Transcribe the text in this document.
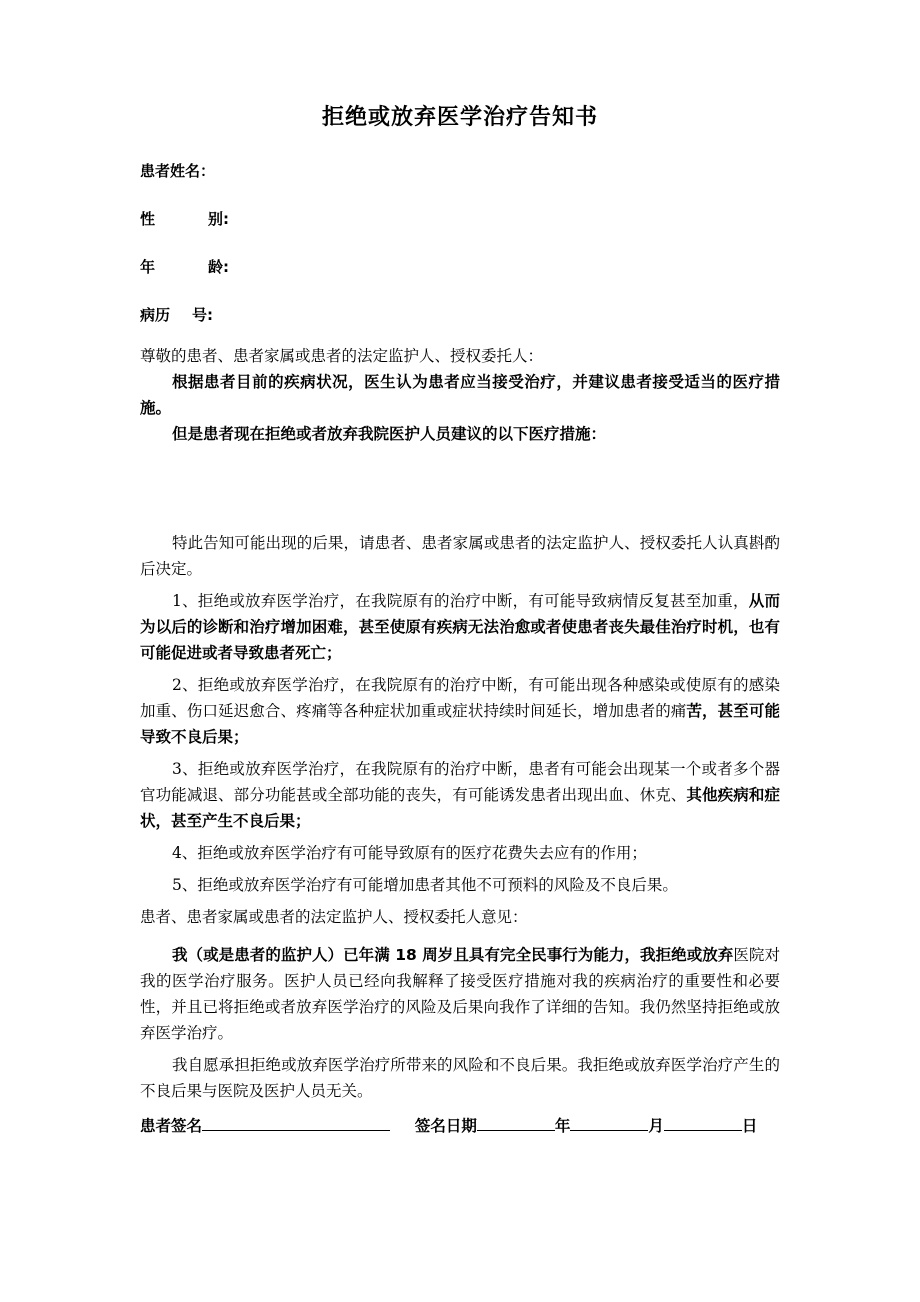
拒绝或放弃医学治疗告知书
患者姓名：
性	别:
年	龄:
病历 号:

尊敬的患者、患者家属或患者的法定监护人、授权委托人：

根据患者目前的疾病状况，医生认为患者应当接受治疗，并建议患者接受适当的医疗措施。

但是患者现在拒绝或者放弃我院医护人员建议的以下医疗措施：

特此告知可能出现的后果，请患者、患者家属或患者的法定监护人、授权委托人认真斟酌后决定。

1、拒绝或放弃医学治疗，在我院原有的治疗中断，有可能导致病情反复甚至加重，从而为以后的诊断和治疗增加困难，甚至使原有疾病无法治愈或者使患者丧失最佳治疗时机，也有可能促进或者导致患者死亡；

2、拒绝或放弃医学治疗，在我院原有的治疗中断，有可能出现各种感染或使原有的感染加重、伤口延迟愈合、疼痛等各种症状加重或症状持续时间延长，增加患者的痛苦，甚至可能导致不良后果；

3、拒绝或放弃医学治疗，在我院原有的治疗中断，患者有可能会出现某一个或者多个器官功能减退、部分功能甚或全部功能的丧失，有可能诱发患者出现出血、休克、其他疾病和症状，甚至产生不良后果；

4、拒绝或放弃医学治疗有可能导致原有的医疗花费失去应有的作用；

5、拒绝或放弃医学治疗有可能增加患者其他不可预料的风险及不良后果。

患者、患者家属或患者的法定监护人、授权委托人意见：

我（或是患者的监护人）已年满 18 周岁且具有完全民事行为能力，我拒绝或放弃医院对我的医学治疗服务。医护人员已经向我解释了接受医疗措施对我的疾病治疗的重要性和必要性，并且已将拒绝或者放弃医学治疗的风险及后果向我作了详细的告知。我仍然坚持拒绝或放弃医学治疗。

我自愿承担拒绝或放弃医学治疗所带来的风险和不良后果。我拒绝或放弃医学治疗产生的不良后果与医院及医护人员无关。

患者签名	签名日期	年	月	日
